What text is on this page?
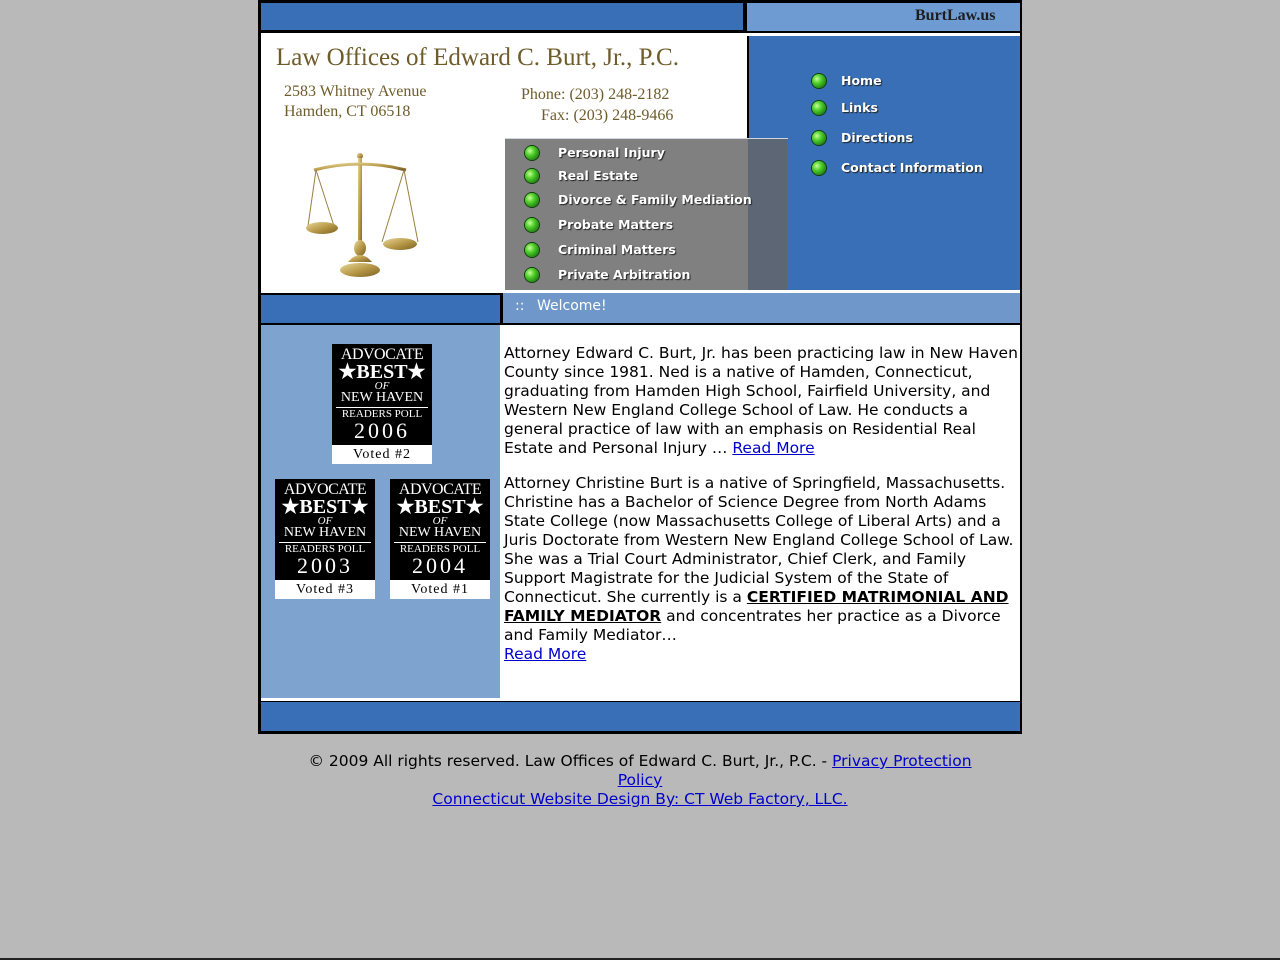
BurtLaw.us
Law Offices of Edward C. Burt, Jr., P.C.
2583 Whitney Avenue
Hamden, CT 06518
Phone: (203) 248-2182
Fax: (203) 248-9466
Personal Injury
Real Estate
Divorce & Family Mediation
Probate Matters
Criminal Matters
Private Arbitration
Home
Links
Directions
Contact Information
:: Welcome!
ADVOCATE
★BEST★
OF
NEW HAVEN
READERS POLL
2006
Voted #2
ADVOCATE
★BEST★
OF
NEW HAVEN
READERS POLL
2003
Voted #3
ADVOCATE
★BEST★
OF
NEW HAVEN
READERS POLL
2004
Voted #1

Attorney Edward C. Burt, Jr. has been practicing law in New Haven County since 1981. Ned is a native of Hamden, Connecticut, graduating from Hamden High School, Fairfield University, and Western New England College School of Law. He conducts a general practice of law with an emphasis on Residential Real Estate and Personal Injury … Read More

Attorney Christine Burt is a native of Springfield, Massachusetts. Christine has a Bachelor of Science Degree from North Adams State College (now Massachusetts College of Liberal Arts) and a Juris Doctorate from Western New England College School of Law. She was a Trial Court Administrator, Chief Clerk, and Family Support Magistrate for the Judicial System of the State of Connecticut. She currently is a CERTIFIED MATRIMONIAL AND FAMILY MEDIATOR and concentrates her practice as a Divorce and Family Mediator…
Read More

© 2009 All rights reserved. Law Offices of Edward C. Burt, Jr., P.C. - Privacy Protection Policy
Connecticut Website Design By: CT Web Factory, LLC.
